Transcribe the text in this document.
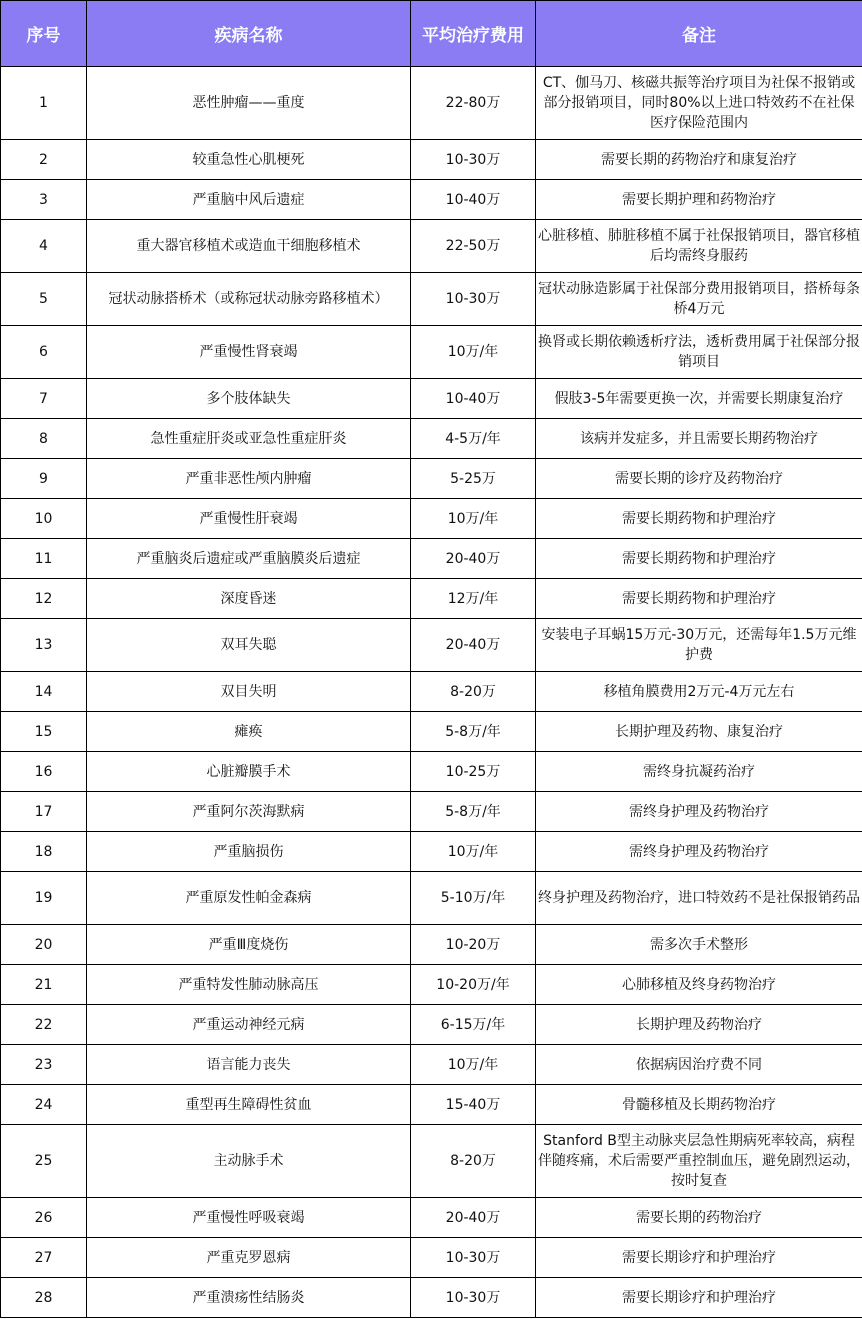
序号	疾病名称	平均治疗费用	备注
1	恶性肿瘤——重度	22-80万	CT、伽马刀、核磁共振等治疗项目为社保不报销或部分报销项目，同时80%以上进口特效药不在社保医疗保险范围内
2	较重急性心肌梗死	10-30万	需要长期的药物治疗和康复治疗
3	严重脑中风后遗症	10-40万	需要长期护理和药物治疗
4	重大器官移植术或造血干细胞移植术	22-50万	心脏移植、肺脏移植不属于社保报销项目，器官移植后均需终身服药
5	冠状动脉搭桥术（或称冠状动脉旁路移植术）	10-30万	冠状动脉造影属于社保部分费用报销项目，搭桥每条桥4万元
6	严重慢性肾衰竭	10万/年	换肾或长期依赖透析疗法，透析费用属于社保部分报销项目
7	多个肢体缺失	10-40万	假肢3-5年需要更换一次，并需要长期康复治疗
8	急性重症肝炎或亚急性重症肝炎	4-5万/年	该病并发症多，并且需要长期药物治疗
9	严重非恶性颅内肿瘤	5-25万	需要长期的诊疗及药物治疗
10	严重慢性肝衰竭	10万/年	需要长期药物和护理治疗
11	严重脑炎后遗症或严重脑膜炎后遗症	20-40万	需要长期药物和护理治疗
12	深度昏迷	12万/年	需要长期药物和护理治疗
13	双耳失聪	20-40万	安装电子耳蜗15万元-30万元，还需每年1.5万元维护费
14	双目失明	8-20万	移植角膜费用2万元-4万元左右
15	瘫痪	5-8万/年	长期护理及药物、康复治疗
16	心脏瓣膜手术	10-25万	需终身抗凝药治疗
17	严重阿尔茨海默病	5-8万/年	需终身护理及药物治疗
18	严重脑损伤	10万/年	需终身护理及药物治疗
19	严重原发性帕金森病	5-10万/年	终身护理及药物治疗，进口特效药不是社保报销药品
20	严重Ⅲ度烧伤	10-20万	需多次手术整形
21	严重特发性肺动脉高压	10-20万/年	心肺移植及终身药物治疗
22	严重运动神经元病	6-15万/年	长期护理及药物治疗
23	语言能力丧失	10万/年	依据病因治疗费不同
24	重型再生障碍性贫血	15-40万	骨髓移植及长期药物治疗
25	主动脉手术	8-20万	Stanford B型主动脉夹层急性期病死率较高，病程伴随疼痛，术后需要严重控制血压，避免剧烈运动，按时复查
26	严重慢性呼吸衰竭	20-40万	需要长期的药物治疗
27	严重克罗恩病	10-30万	需要长期诊疗和护理治疗
28	严重溃疡性结肠炎	10-30万	需要长期诊疗和护理治疗
